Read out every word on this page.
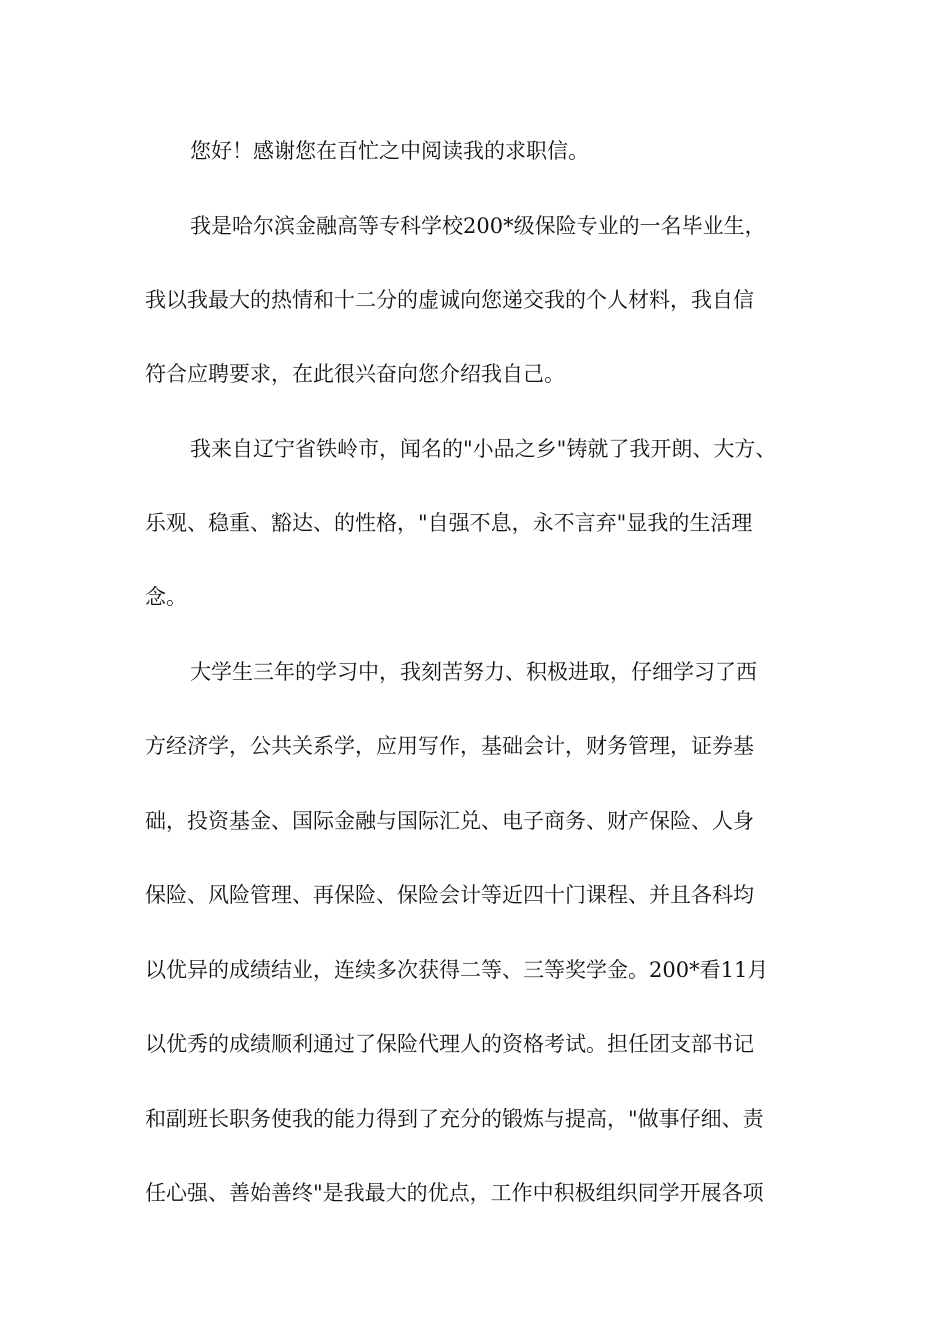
您好！感谢您在百忙之中阅读我的求职信。

我是哈尔滨金融高等专科学校200*级保险专业的一名毕业生，

我以我最大的热情和十二分的虚诚向您递交我的个人材料，我自信

符合应聘要求，在此很兴奋向您介绍我自己。

我来自辽宁省铁岭市，闻名的"小品之乡"铸就了我开朗、大方、

乐观、稳重、豁达、的性格，"自强不息，永不言弃"显我的生活理

念。

大学生三年的学习中，我刻苦努力、积极进取，仔细学习了西

方经济学，公共关系学，应用写作，基础会计，财务管理，证券基

础，投资基金、国际金融与国际汇兑、电子商务、财产保险、人身

保险、风险管理、再保险、保险会计等近四十门课程、并且各科均

以优异的成绩结业，连续多次获得二等、三等奖学金。200*看11月

以优秀的成绩顺利通过了保险代理人的资格考试。担任团支部书记

和副班长职务使我的能力得到了充分的锻炼与提高，"做事仔细、责

任心强、善始善终"是我最大的优点，工作中积极组织同学开展各项
